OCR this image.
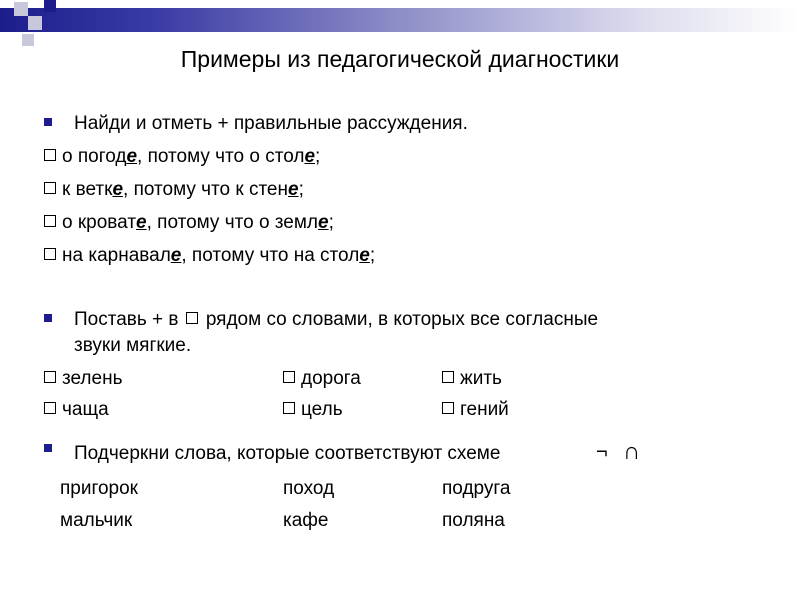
Примеры из педагогической диагностики
Найди и отметь + правильные рассуждения.
о погоде, потому что о столе;
к ветке, потому что к стене;
о кровате, потому что о земле;
на карнавале, потому что на столе;
Поставь + в рядом со словами, в которых все согласные
звуки мягкие.
зелень	дорога	жить
чаща	цель	гений
Подчеркни слова, которые соответствуют схеме	¬ ∩
пригорок	поход	подруга
мальчик	кафе	поляна
